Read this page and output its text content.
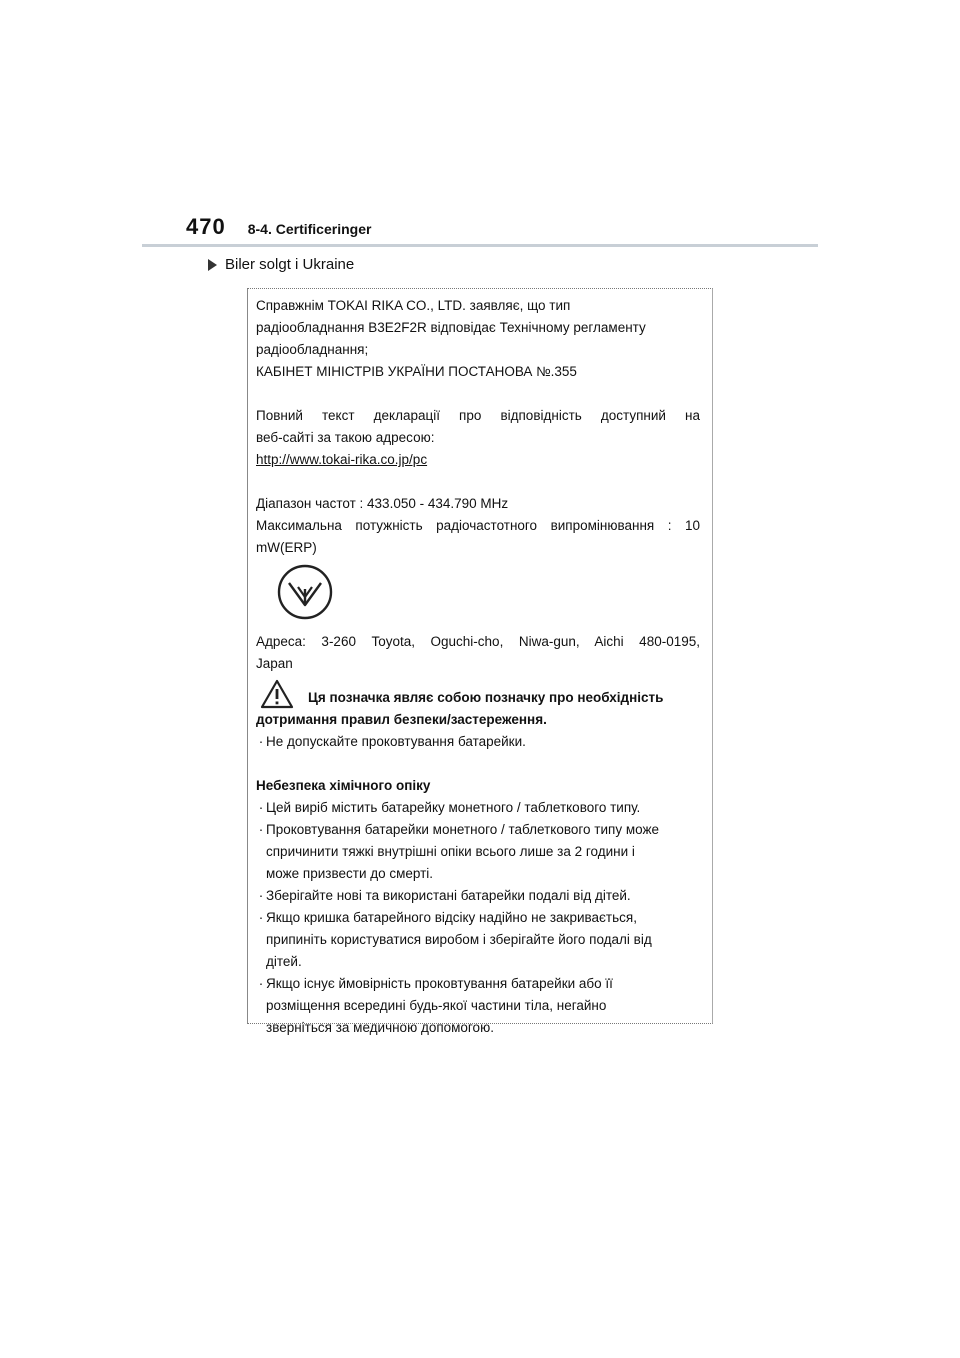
470 8-4. Certificeringer
Biler solgt i Ukraine

Справжнім TOKAI RIKA CO., LTD. заявляє, що тип

радіообладнання B3E2F2R відповідає Технічному регламенту

радіообладнання;

КАБІНЕТ МІНІСТРІВ УКРАЇНИ ПОСТАНОВА №.355

Повний текст декларації про відповідність доступний на

веб-сайті за такою адресою:

http://www.tokai-rika.co.jp/pc

Діапазон частот : 433.050 - 434.790 MHz

Максимальна потужність радіочастотного випромінювання : 10

mW(ERP)

Адреса: 3-260 Toyota, Oguchi-cho, Niwa-gun, Aichi 480-0195,

Japan

Ця позначка являє собою позначку про необхідність

дотримання правил безпеки/застереження.

· Не допускайте проковтування батарейки.

Небезпека хімічного опіку

· Цей виріб містить батарейку монетного / таблеткового типу.
· Проковтування батарейки монетного / таблеткового типу може
спричинити тяжкі внутрішні опіки всього лише за 2 години і
може призвести до смерті.
· Зберігайте нові та використані батарейки подалі від дітей.
· Якщо кришка батарейного відсіку надійно не закривається,
припиніть користуватися виробом і зберігайте його подалі від
дітей.
· Якщо існує ймовірність проковтування батарейки або її
розміщення всередині будь-якої частини тіла, негайно
зверніться за медичною допомогою.
